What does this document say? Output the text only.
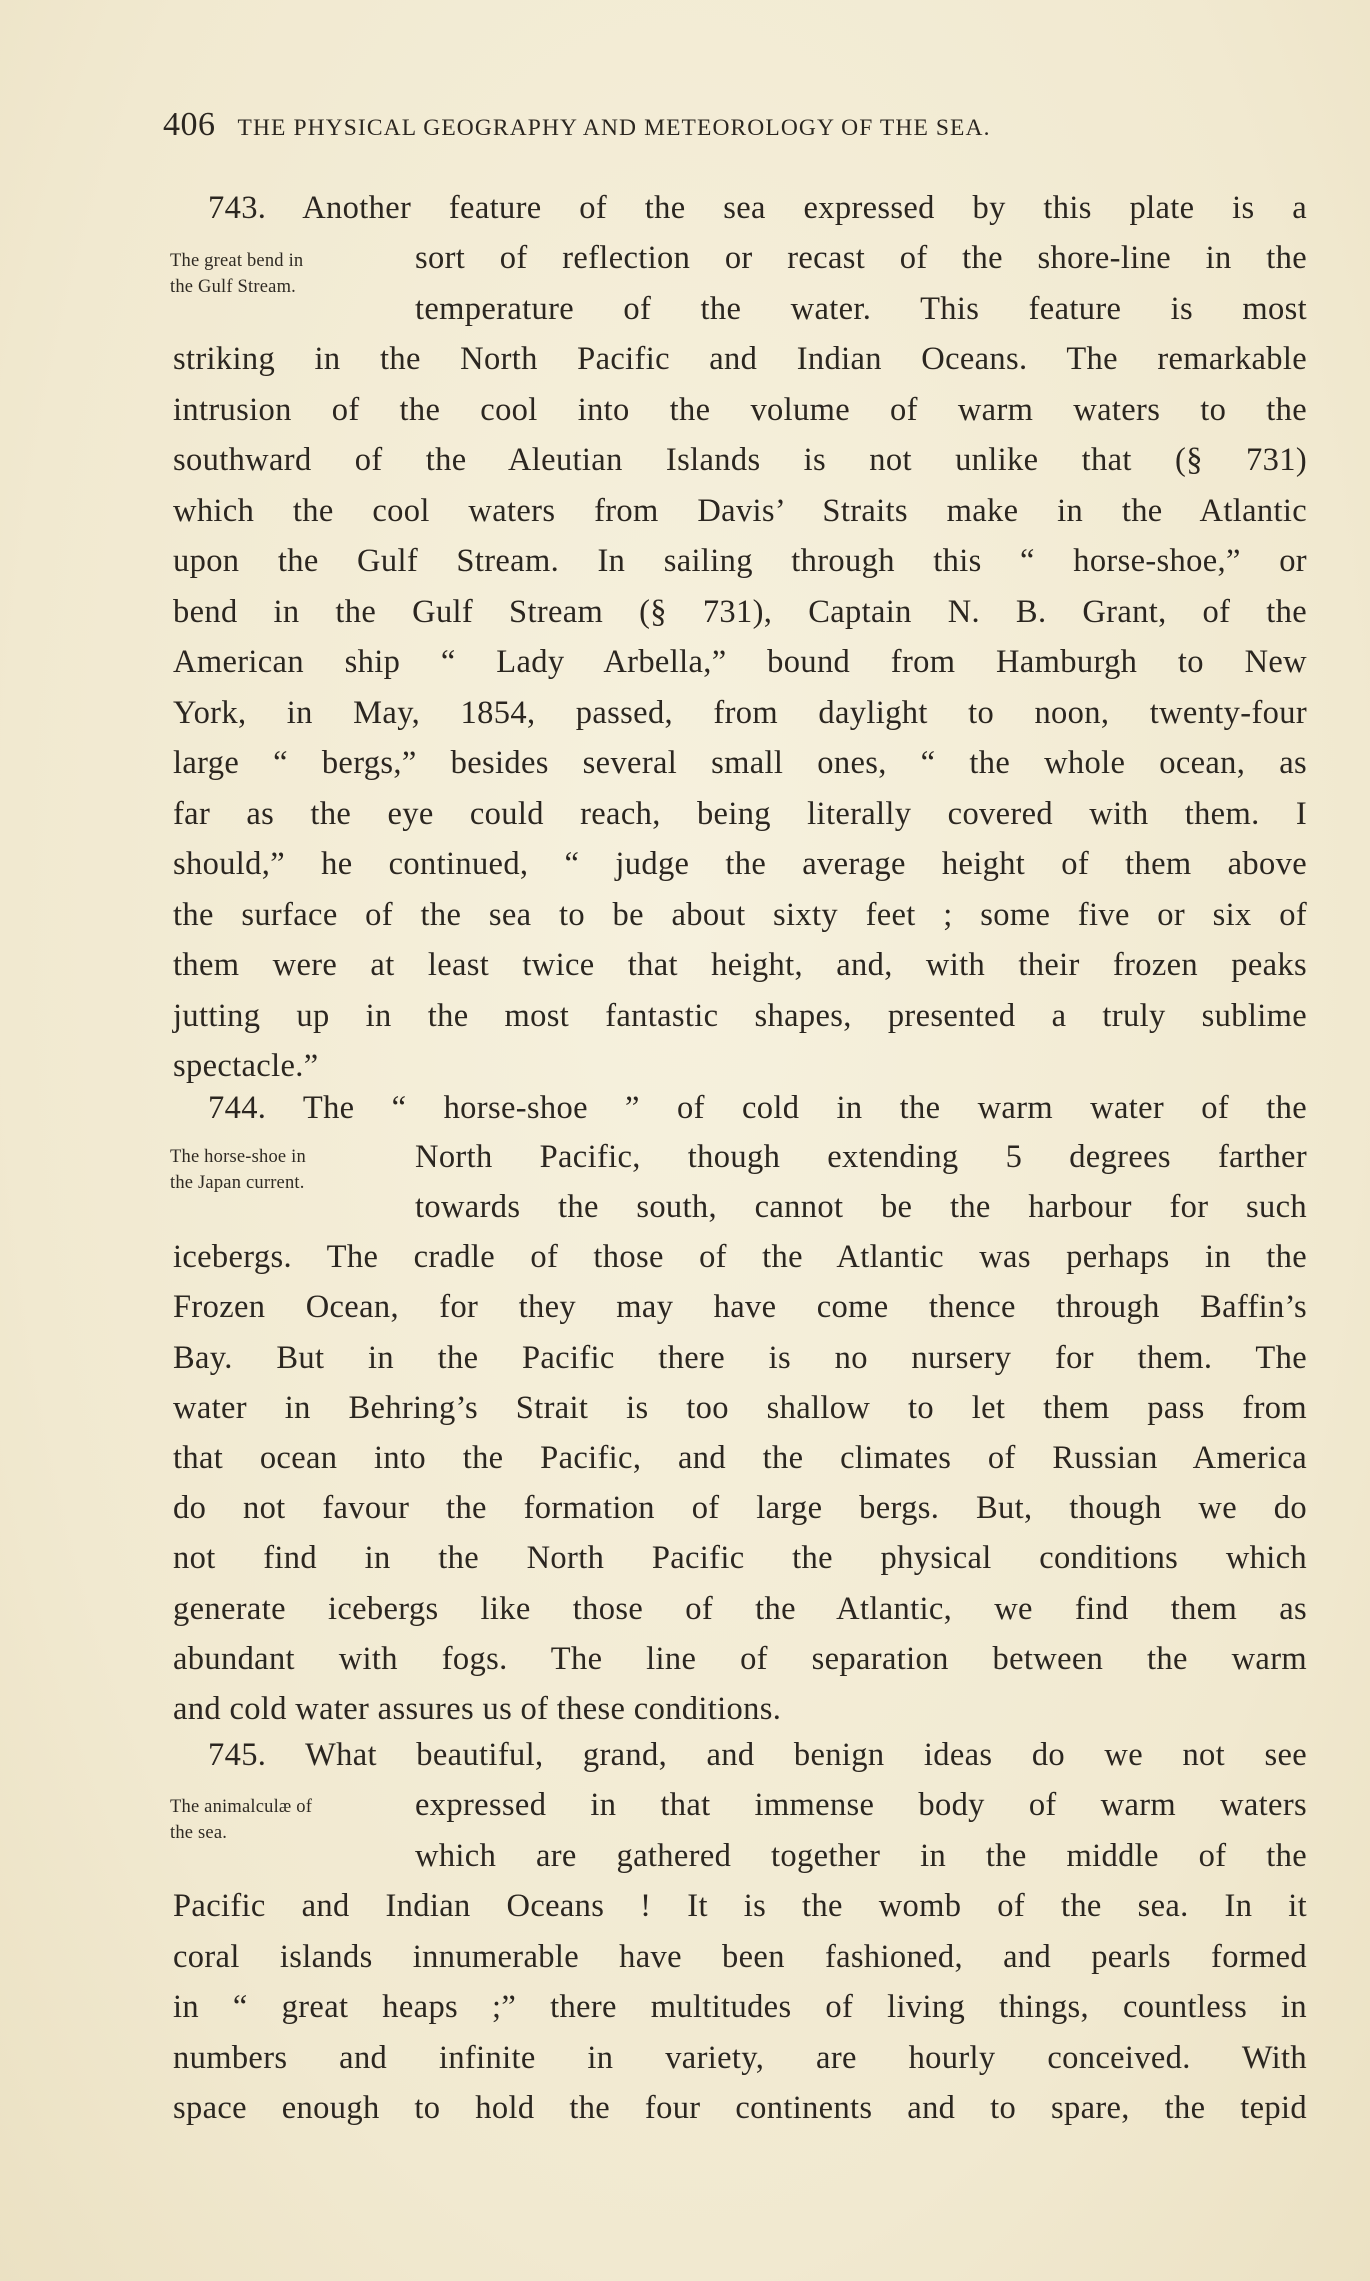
406 THE PHYSICAL GEOGRAPHY AND METEOROLOGY OF THE SEA.
The great bend in
the Gulf Stream.
The horse-shoe in
the Japan current.
The animalculæ of
the sea.
743. Another feature of the sea expressed by this plate is a
sort of reflection or recast of the shore-line in the
temperature of the water. This feature is most
striking in the North Pacific and Indian Oceans. The remarkable
intrusion of the cool into the volume of warm waters to the
southward of the Aleutian Islands is not unlike that (§ 731)
which the cool waters from Davis’ Straits make in the Atlantic
upon the Gulf Stream. In sailing through this “ horse-shoe,” or
bend in the Gulf Stream (§ 731), Captain N. B. Grant, of the
American ship “ Lady Arbella,” bound from Hamburgh to New
York, in May, 1854, passed, from daylight to noon, twenty-four
large “ bergs,” besides several small ones, “ the whole ocean, as
far as the eye could reach, being literally covered with them. I
should,” he continued, “ judge the average height of them above
the surface of the sea to be about sixty feet ; some five or six of
them were at least twice that height, and, with their frozen peaks
jutting up in the most fantastic shapes, presented a truly sublime
spectacle.”
744. The “ horse-shoe ” of cold in the warm water of the
North Pacific, though extending 5 degrees farther
towards the south, cannot be the harbour for such
icebergs. The cradle of those of the Atlantic was perhaps in the
Frozen Ocean, for they may have come thence through Baffin’s
Bay. But in the Pacific there is no nursery for them. The
water in Behring’s Strait is too shallow to let them pass from
that ocean into the Pacific, and the climates of Russian America
do not favour the formation of large bergs. But, though we do
not find in the North Pacific the physical conditions which
generate icebergs like those of the Atlantic, we find them as
abundant with fogs. The line of separation between the warm
and cold water assures us of these conditions.
745. What beautiful, grand, and benign ideas do we not see
expressed in that immense body of warm waters
which are gathered together in the middle of the
Pacific and Indian Oceans ! It is the womb of the sea. In it
coral islands innumerable have been fashioned, and pearls formed
in “ great heaps ;” there multitudes of living things, countless in
numbers and infinite in variety, are hourly conceived. With
space enough to hold the four continents and to spare, the tepid
